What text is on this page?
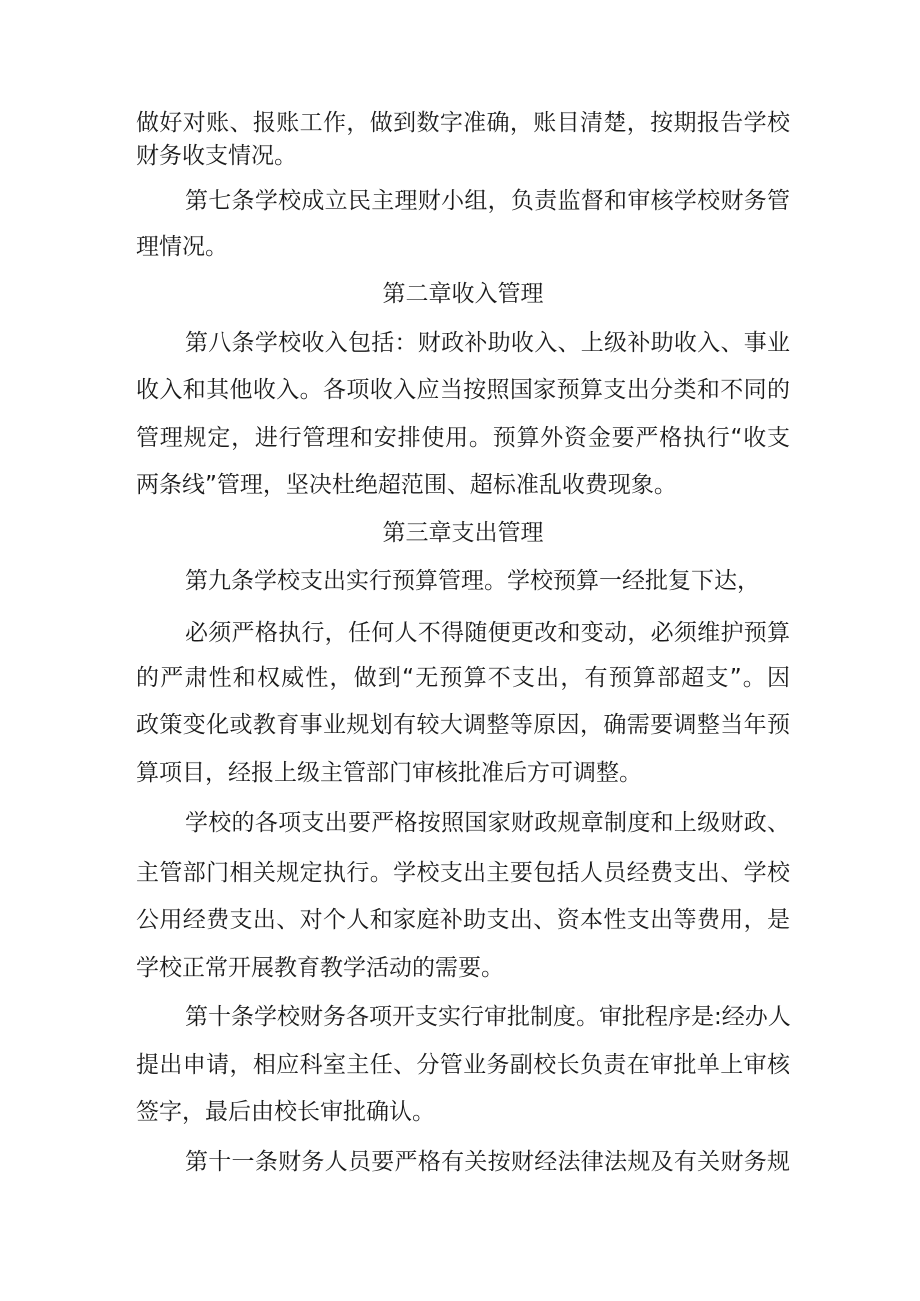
做好对账、报账工作，做到数字准确，账目清楚，按期报告学校
财务收支情况。
第七条学校成立民主理财小组，负责监督和审核学校财务管
理情况。
第二章收入管理
第八条学校收入包括：财政补助收入、上级补助收入、事业
收入和其他收入。各项收入应当按照国家预算支出分类和不同的
管理规定，进行管理和安排使用。预算外资金要严格执行“收支
两条线”管理，坚决杜绝超范围、超标准乱收费现象。
第三章支出管理
第九条学校支出实行预算管理。学校预算一经批复下达，
必须严格执行，任何人不得随便更改和变动，必须维护预算
的严肃性和权威性，做到“无预算不支出，有预算部超支”。因
政策变化或教育事业规划有较大调整等原因，确需要调整当年预
算项目，经报上级主管部门审核批准后方可调整。
学校的各项支出要严格按照国家财政规章制度和上级财政、
主管部门相关规定执行。学校支出主要包括人员经费支出、学校
公用经费支出、对个人和家庭补助支出、资本性支出等费用，是
学校正常开展教育教学活动的需要。
第十条学校财务各项开支实行审批制度。审批程序是:经办人
提出申请，相应科室主任、分管业务副校长负责在审批单上审核
签字，最后由校长审批确认。
第十一条财务人员要严格有关按财经法律法规及有关财务规
